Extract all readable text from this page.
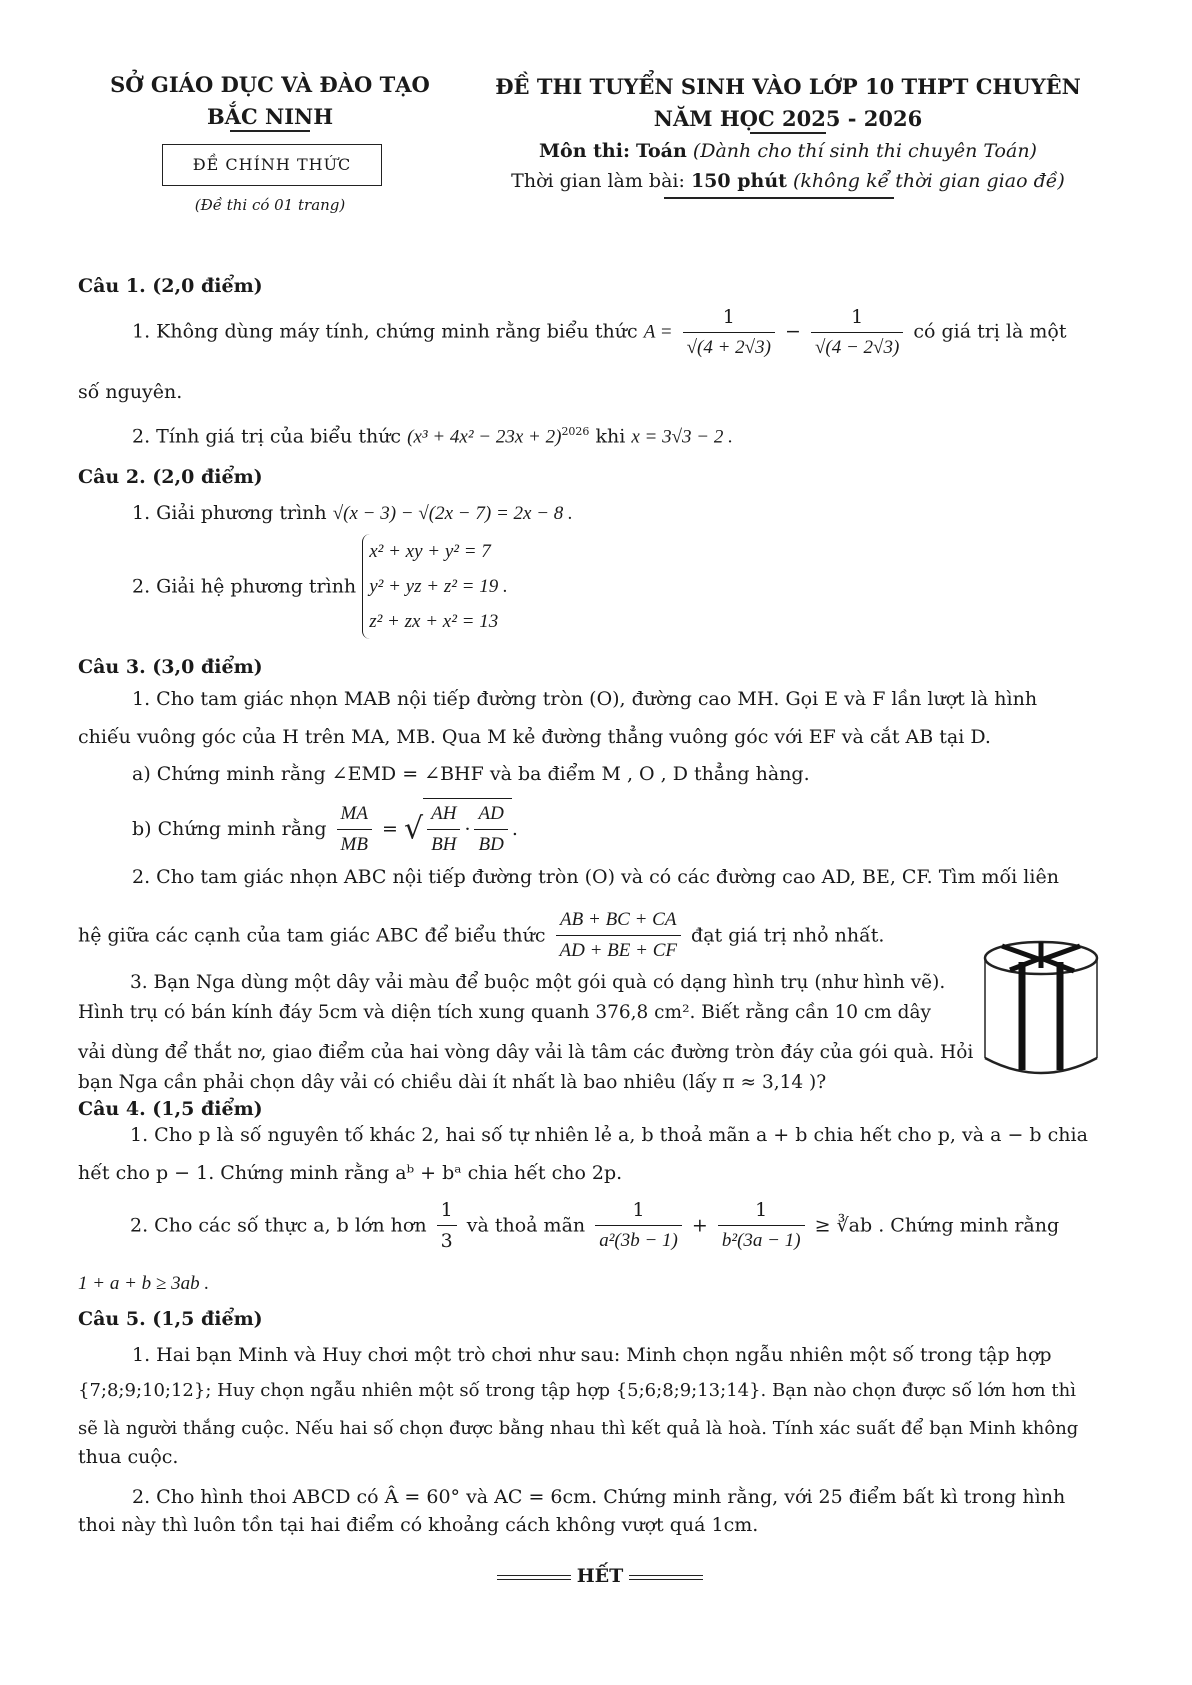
SỞ GIÁO DỤC VÀ ĐÀO TẠO
BẮC NINH
ĐỀ CHÍNH THỨC
(Đề thi có 01 trang)
ĐỀ THI TUYỂN SINH VÀO LỚP 10 THPT CHUYÊN
NĂM HỌC 2025 - 2026
Môn thi: Toán (Dành cho thí sinh thi chuyên Toán)
Thời gian làm bài: 150 phút (không kể thời gian giao đề)
Câu 1. (2,0 điểm)
1. Không dùng máy tính, chứng minh rằng biểu thức $A = \frac{1}{√(4 + 2√3)} - \frac{1}{√(4 - 2√3)}$ có giá trị là một
số nguyên.
2. Tính giá trị của biểu thức $(x^3 + 4x^2 - 23x + 2)^{2026}$ khi x = 3√3 − 2 .
Câu 2. (2,0 điểm)
1. Giải phương trình √(x − 3) − √(2x − 7) = 2x − 8 .
2. Giải hệ phương trình
x² + xy + y² = 7
y² + yz + z² = 19 .
z² + zx + x² = 13
Câu 3. (3,0 điểm)
1. Cho tam giác nhọn MAB nội tiếp đường tròn (O), đường cao MH. Gọi E và F lần lượt là hình
chiếu vuông góc của H trên MA, MB. Qua M kẻ đường thẳng vuông góc với EF và cắt AB tại D.
a) Chứng minh rằng ∠EMD = ∠BHF và ba điểm M , O , D thẳng hàng.
b) Chứng minh rằng $\frac{MA}{MB}$ = √ $\frac{AH}{BH} \cdot \frac{AD}{BD}$ .
2. Cho tam giác nhọn ABC nội tiếp đường tròn (O) và có các đường cao AD, BE, CF. Tìm mối liên
hệ giữa các cạnh của tam giác ABC để biểu thức $\frac{AB + BC + CA}{AD + BE + CF}$ đạt giá trị nhỏ nhất.
3. Bạn Nga dùng một dây vải màu để buộc một gói quà có dạng hình trụ (như hình vẽ).
Hình trụ có bán kính đáy 5cm và diện tích xung quanh 376,8 cm². Biết rằng cần 10 cm dây
vải dùng để thắt nơ, giao điểm của hai vòng dây vải là tâm các đường tròn đáy của gói quà. Hỏi
bạn Nga cần phải chọn dây vải có chiều dài ít nhất là bao nhiêu (lấy π ≈ 3,14 )?
Câu 4. (1,5 điểm)
1. Cho p là số nguyên tố khác 2, hai số tự nhiên lẻ a, b thoả mãn a + b chia hết cho p, và a − b chia
hết cho p − 1. Chứng minh rằng aᵇ + bᵃ chia hết cho 2p.
2. Cho các số thực a, b lớn hơn $\frac{1}{3}$ và thoả mãn $\frac{1}{\text{a²(3b − 1)}} + \frac{1}{\text{b²(3a − 1)}}$ ≥ ∛ab . Chứng minh rằng
1 + a + b ≥ 3ab .
Câu 5. (1,5 điểm)
1. Hai bạn Minh và Huy chơi một trò chơi như sau: Minh chọn ngẫu nhiên một số trong tập hợp
{7;8;9;10;12}; Huy chọn ngẫu nhiên một số trong tập hợp {5;6;8;9;13;14}. Bạn nào chọn được số lớn hơn thì
sẽ là người thắng cuộc. Nếu hai số chọn được bằng nhau thì kết quả là hoà. Tính xác suất để bạn Minh không
thua cuộc.
2. Cho hình thoi ABCD có Â = 60° và AC = 6cm. Chứng minh rằng, với 25 điểm bất kì trong hình
thoi này thì luôn tồn tại hai điểm có khoảng cách không vượt quá 1cm.
HẾT
